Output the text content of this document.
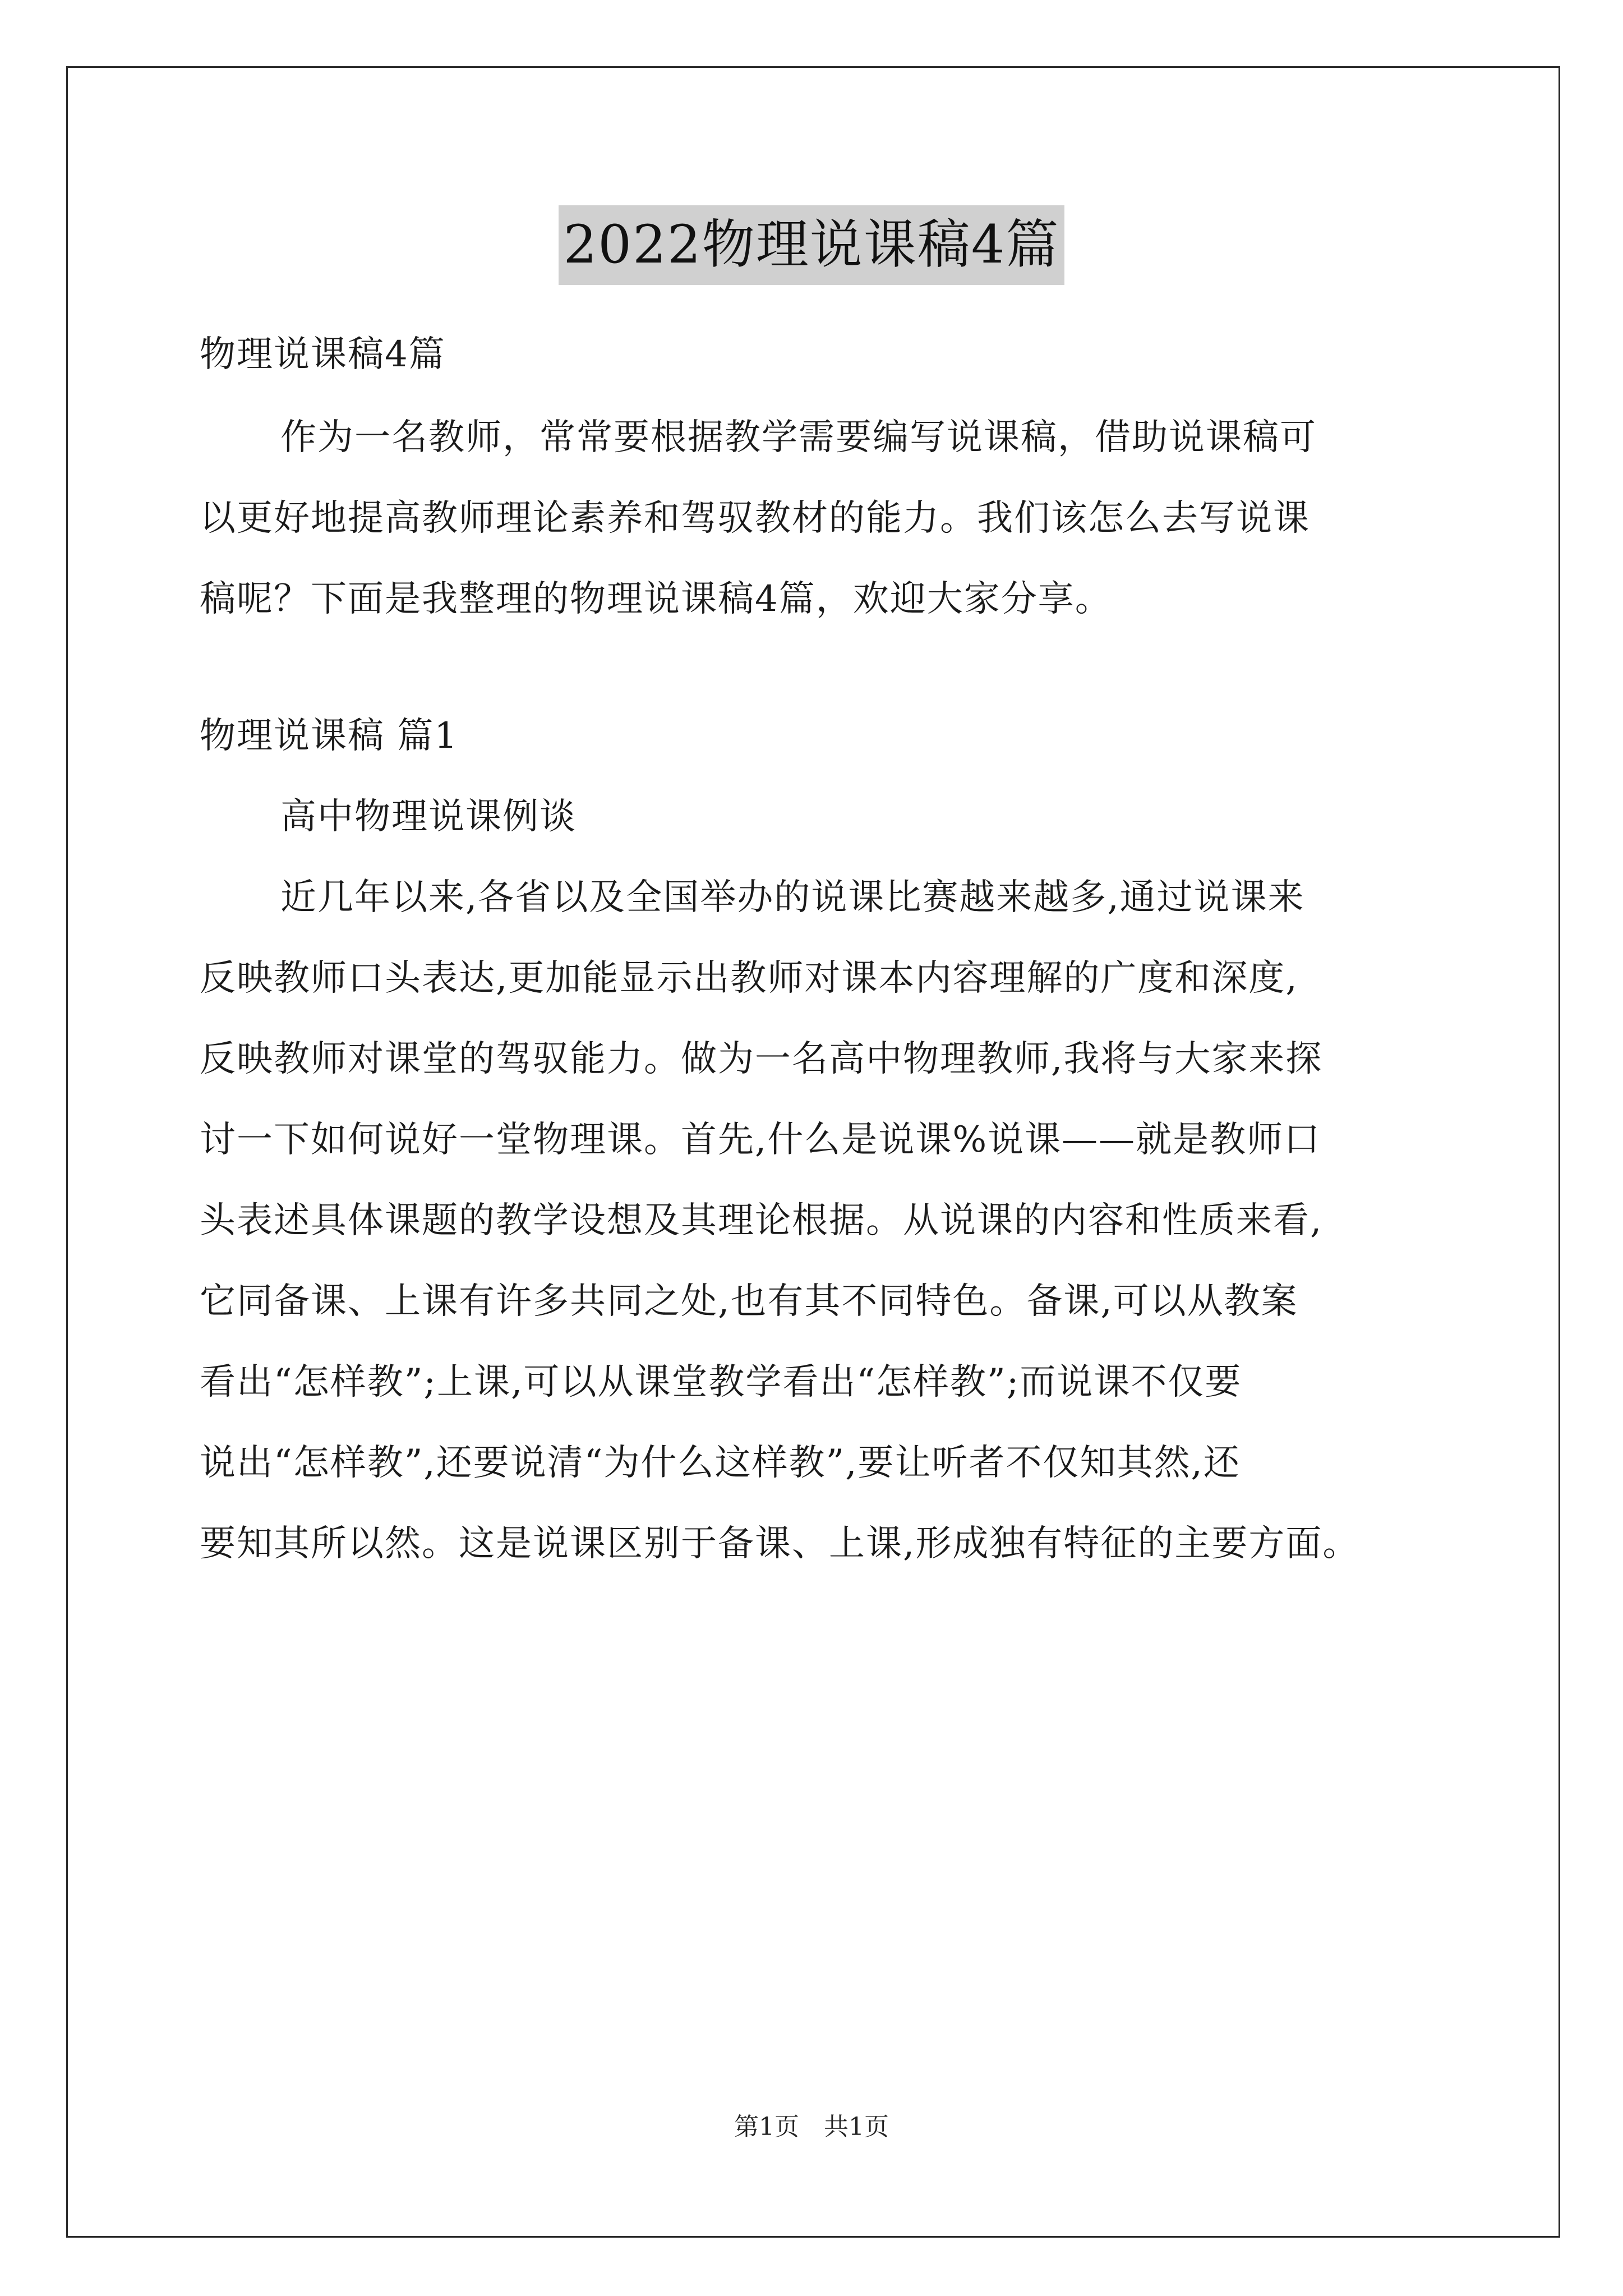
2022物理说课稿4篇

物理说课稿4篇

作为一名教师，常常要根据教学需要编写说课稿，借助说课稿可

以更好地提高教师理论素养和驾驭教材的能力。我们该怎么去写说课

稿呢？下面是我整理的物理说课稿4篇，欢迎大家分享。

物理说课稿 篇1

高中物理说课例谈

近几年以来,各省以及全国举办的说课比赛越来越多,通过说课来

反映教师口头表达,更加能显示出教师对课本内容理解的广度和深度,

反映教师对课堂的驾驭能力。做为一名高中物理教师,我将与大家来探

讨一下如何说好一堂物理课。首先,什么是说课%说课——就是教师口

头表述具体课题的教学设想及其理论根据。从说课的内容和性质来看,

它同备课、上课有许多共同之处,也有其不同特色。备课,可以从教案

看出“怎样教”;上课,可以从课堂教学看出“怎样教”;而说课不仅要

说出“怎样教”,还要说清“为什么这样教”,要让听者不仅知其然,还

要知其所以然。这是说课区别于备课、上课,形成独有特征的主要方面。

第1页　共1页
